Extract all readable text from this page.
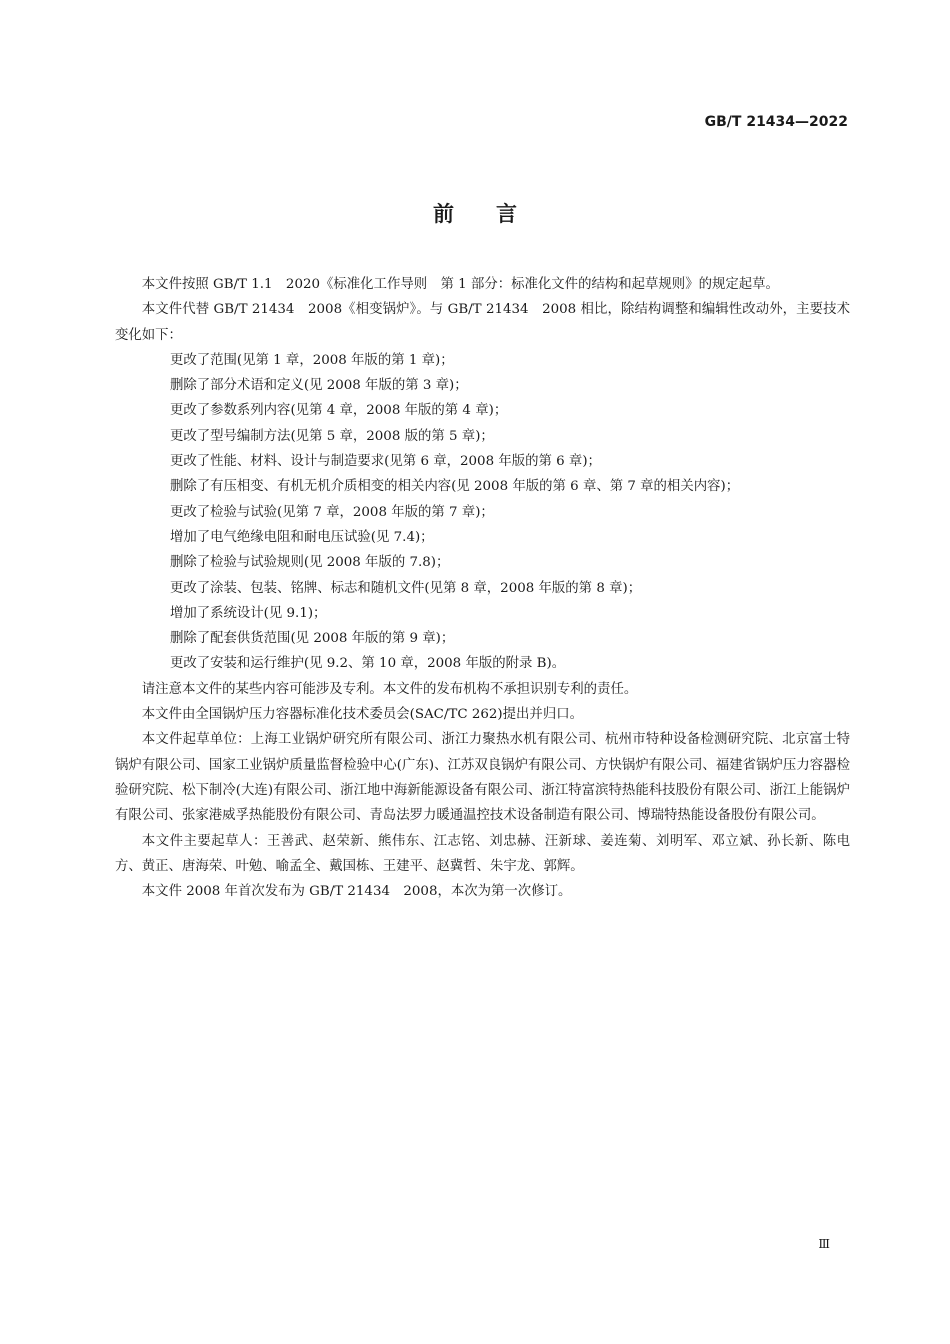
GB/T 21434—2022
前言

本文件按照 GB/T 1.1　2020《标准化工作导则　第 1 部分：标准化文件的结构和起草规则》的规定起草。

本文件代替 GB/T 21434　2008《相变锅炉》。与 GB/T 21434　2008 相比，除结构调整和编辑性改动外，主要技术变化如下：

更改了范围(见第 1 章，2008 年版的第 1 章)；
删除了部分术语和定义(见 2008 年版的第 3 章)；
更改了参数系列内容(见第 4 章，2008 年版的第 4 章)；
更改了型号编制方法(见第 5 章，2008 版的第 5 章)；
更改了性能、材料、设计与制造要求(见第 6 章，2008 年版的第 6 章)；
删除了有压相变、有机无机介质相变的相关内容(见 2008 年版的第 6 章、第 7 章的相关内容)；
更改了检验与试验(见第 7 章，2008 年版的第 7 章)；
增加了电气绝缘电阻和耐电压试验(见 7.4)；
删除了检验与试验规则(见 2008 年版的 7.8)；
更改了涂装、包装、铭牌、标志和随机文件(见第 8 章，2008 年版的第 8 章)；
增加了系统设计(见 9.1)；
删除了配套供货范围(见 2008 年版的第 9 章)；
更改了安装和运行维护(见 9.2、第 10 章，2008 年版的附录 B)。

请注意本文件的某些内容可能涉及专利。本文件的发布机构不承担识别专利的责任。

本文件由全国锅炉压力容器标准化技术委员会(SAC/TC 262)提出并归口。

本文件起草单位：上海工业锅炉研究所有限公司、浙江力聚热水机有限公司、杭州市特种设备检测研究院、北京富士特锅炉有限公司、国家工业锅炉质量监督检验中心(广东)、江苏双良锅炉有限公司、方快锅炉有限公司、福建省锅炉压力容器检验研究院、松下制冷(大连)有限公司、浙江地中海新能源设备有限公司、浙江特富滨特热能科技股份有限公司、浙江上能锅炉有限公司、张家港威孚热能股份有限公司、青岛法罗力暖通温控技术设备制造有限公司、博瑞特热能设备股份有限公司。

本文件主要起草人：王善武、赵荣新、熊伟东、江志铭、刘忠赫、汪新球、姜连菊、刘明军、邓立斌、孙长新、陈电方、黄正、唐海荣、叶勉、喻孟全、戴国栋、王建平、赵冀哲、朱宇龙、郭辉。

本文件 2008 年首次发布为 GB/T 21434　2008，本次为第一次修订。

Ⅲ
